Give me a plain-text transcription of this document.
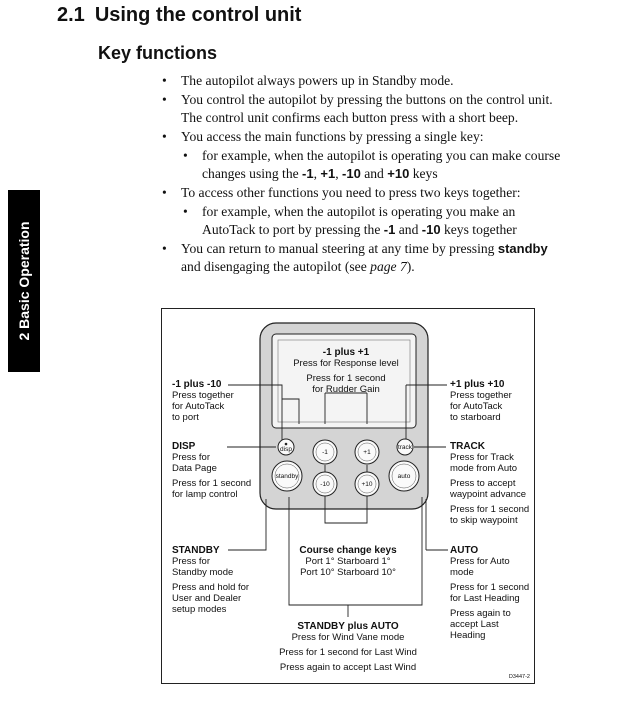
2 Basic Operation
2.1 Using the control unit
Key functions
• The autopilot always powers up in Standby mode.
• You control the autopilot by pressing the buttons on the control unit. The control unit confirms each button press with a short beep.
• You access the main functions by pressing a single key:
• for example, when the autopilot is operating you can make course changes using the -1, +1, -10 and +10 keys
• To access other functions you need to press two keys together:
• for example, when the autopilot is operating you make an AutoTack to port by pressing the -1 and -10 keys together
• You can return to manual steering at any time by pressing standby and disengaging the autopilot (see page 7).
disp	track
-1	+1
standby	auto
-10	+10
-1 plus +1
Press for Response level
Press for 1 second
for Rudder Gain
-1 plus -10
Press together
for AutoTack
to port
+1 plus +10
Press together
for AutoTack
to starboard
DISP
Press for
Data Page
Press for 1 second
for lamp control
TRACK
Press for Track
mode from Auto
Press to accept
waypoint advance
Press for 1 second
to skip waypoint
STANDBY
Press for
Standby mode
Press and hold for
User and Dealer
setup modes
Course change keys
Port 1° Starboard 1°
Port 10° Starboard 10°
AUTO
Press for Auto mode
Press for 1 second
for Last Heading
Press again to
accept Last Heading
STANDBY plus AUTO
Press for Wind Vane mode
Press for 1 second for Last Wind
Press again to accept Last Wind
D3447-2
